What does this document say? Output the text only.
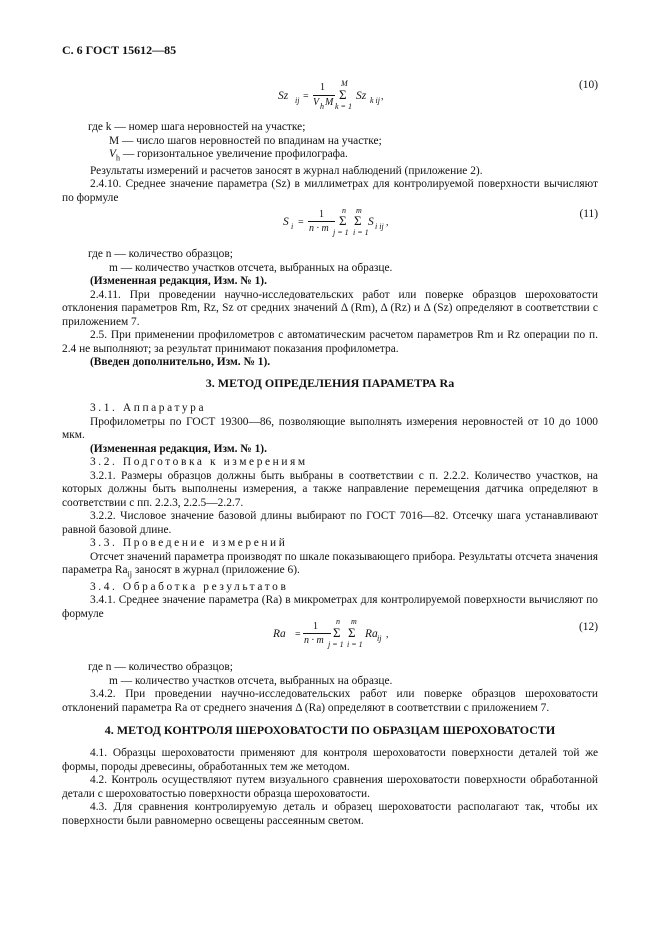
С. 6 ГОСТ 15612—85
Sz ij =
1
V h M
M
Σ
k = 1
Sz k ij ,
(10)

где k — номер шага неровностей на участке;

M — число шагов неровностей по впадинам на участке;

$V_h$ — горизонтальное увеличение профилографа.

Результаты измерений и расчетов заносят в журнал наблюдений (приложение 2).

2.4.10. Среднее значение параметра (Sz) в миллиметрах для контролируемой поверхности вычисляют по формуле

S i =
1
n · m
n
Σ
j = 1
m
Σ
i = 1
S i ij ,
(11)

где n — количество образцов;

m — количество участков отсчета, выбранных на образце.

(Измененная редакция, Изм. № 1).

2.4.11. При проведении научно-исследовательских работ или поверке образцов шероховатости отклонения параметров Rm, Rz, Sz от средних значений Δ (Rm), Δ (Rz) и Δ (Sz) определяют в соответствии с приложением 7.

2.5. При применении профилометров с автоматическим расчетом параметров Rm и Rz операции по п. 2.4 не выполняют; за результат принимают показания профилометра.

(Введен дополнительно, Изм. № 1).

3. МЕТОД ОПРЕДЕЛЕНИЯ ПАРАМЕТРА Ra

3.1. Аппаратура

Профилометры по ГОСТ 19300—86, позволяющие выполнять измерения неровностей от 10 до 1000 мкм.

(Измененная редакция, Изм. № 1).

3.2. Подготовка к измерениям

3.2.1. Размеры образцов должны быть выбраны в соответствии с п. 2.2.2. Количество участков, на которых должны быть выполнены измерения, а также направление перемещения датчика определяют в соответствии с пп. 2.2.3, 2.2.5—2.2.7.

3.2.2. Числовое значение базовой длины выбирают по ГОСТ 7016—82. Отсечку шага устанавливают равной базовой длине.

3.3. Проведение измерений

Отсчет значений параметра производят по шкале показывающего прибора. Результаты отсчета значения параметра $Ra_{ij}$ заносят в журнал (приложение 6).

3.4. Обработка результатов

3.4.1. Среднее значение параметра (Ra) в микрометрах для контролируемой поверхности вычисляют по формуле

Ra =
1
n · m
n
Σ
j = 1
m
Σ
i = 1
Ra ij ,
(12)

где n — количество образцов;

m — количество участков отсчета, выбранных на образце.

3.4.2. При проведении научно-исследовательских работ или поверке образцов шероховатости отклонений параметра Ra от среднего значения Δ (Ra) определяют в соответствии с приложением 7.

4. МЕТОД КОНТРОЛЯ ШЕРОХОВАТОСТИ ПО ОБРАЗЦАМ ШЕРОХОВАТОСТИ

4.1. Образцы шероховатости применяют для контроля шероховатости поверхности деталей той же формы, породы древесины, обработанных тем же методом.

4.2. Контроль осуществляют путем визуального сравнения шероховатости поверхности обработанной детали с шероховатостью поверхности образца шероховатости.

4.3. Для сравнения контролируемую деталь и образец шероховатости располагают так, чтобы их поверхности были равномерно освещены рассеянным светом.
